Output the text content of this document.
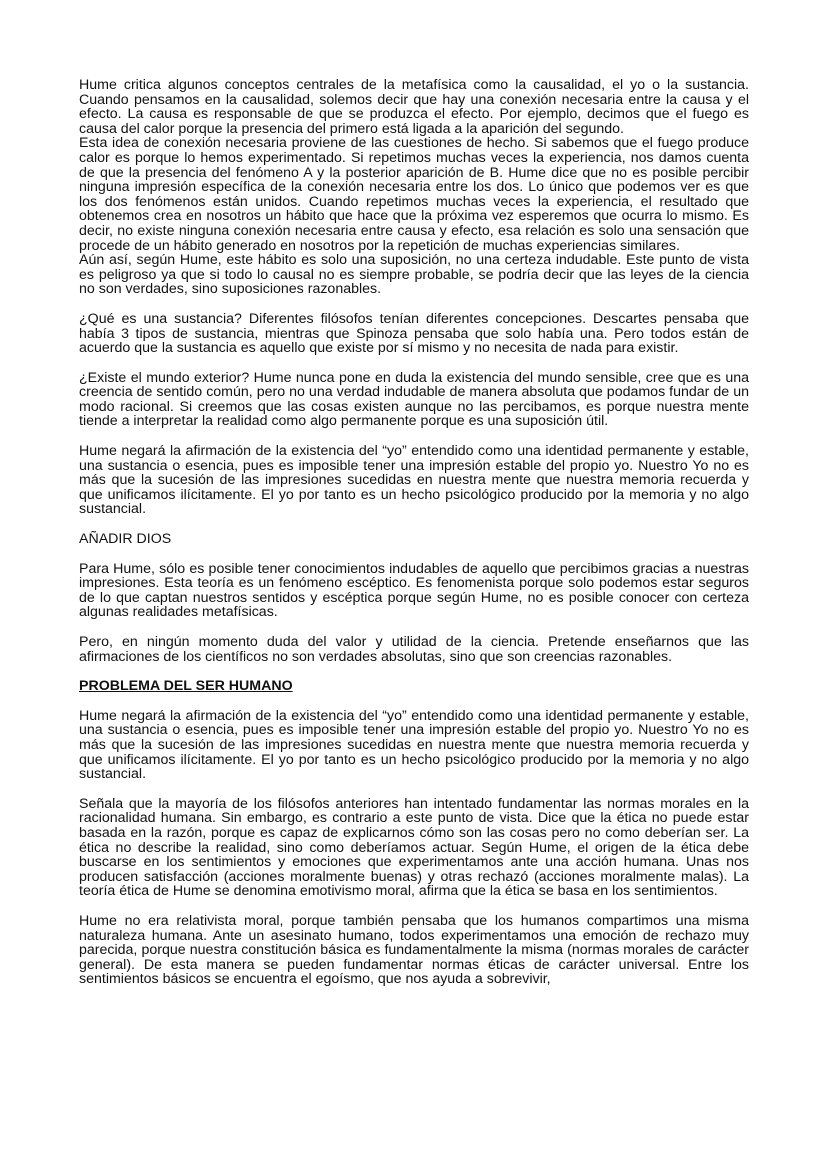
Hume critica algunos conceptos centrales de la metafísica como la causalidad, el yo o la sustancia. Cuando pensamos en la causalidad, solemos decir que hay una conexión necesaria entre la causa y el efecto. La causa es responsable de que se produzca el efecto. Por ejemplo, decimos que el fuego es causa del calor porque la presencia del primero está ligada a la aparición del segundo.

Esta idea de conexión necesaria proviene de las cuestiones de hecho. Si sabemos que el fuego produce calor es porque lo hemos experimentado. Si repetimos muchas veces la experiencia, nos damos cuenta de que la presencia del fenómeno A y la posterior aparición de B. Hume dice que no es posible percibir ninguna impresión específica de la conexión necesaria entre los dos. Lo único que podemos ver es que los dos fenómenos están unidos. Cuando repetimos muchas veces la experiencia, el resultado que obtenemos crea en nosotros un hábito que hace que la próxima vez esperemos que ocurra lo mismo. Es decir, no existe ninguna conexión necesaria entre causa y efecto, esa relación es solo una sensación que procede de un hábito generado en nosotros por la repetición de muchas experiencias similares.

Aún así, según Hume, este hábito es solo una suposición, no una certeza indudable. Este punto de vista es peligroso ya que si todo lo causal no es siempre probable, se podría decir que las leyes de la ciencia no son verdades, sino suposiciones razonables.

¿Qué es una sustancia? Diferentes filósofos tenían diferentes concepciones. Descartes pensaba que había 3 tipos de sustancia, mientras que Spinoza pensaba que solo había una. Pero todos están de acuerdo que la sustancia es aquello que existe por sí mismo y no necesita de nada para existir.

¿Existe el mundo exterior? Hume nunca pone en duda la existencia del mundo sensible, cree que es una creencia de sentido común, pero no una verdad indudable de manera absoluta que podamos fundar de un modo racional. Si creemos que las cosas existen aunque no las percibamos, es porque nuestra mente tiende a interpretar la realidad como algo permanente porque es una suposición útil.

Hume negará la afirmación de la existencia del “yo” entendido como una identidad permanente y estable, una sustancia o esencia, pues es imposible tener una impresión estable del propio yo. Nuestro Yo no es más que la sucesión de las impresiones sucedidas en nuestra mente que nuestra memoria recuerda y que unificamos ilícitamente. El yo por tanto es un hecho psicológico producido por la memoria y no algo sustancial.

AÑADIR DIOS

Para Hume, sólo es posible tener conocimientos indudables de aquello que percibimos gracias a nuestras impresiones. Esta teoría es un fenómeno escéptico. Es fenomenista porque solo podemos estar seguros de lo que captan nuestros sentidos y escéptica porque según Hume, no es posible conocer con certeza algunas realidades metafísicas.

Pero, en ningún momento duda del valor y utilidad de la ciencia. Pretende enseñarnos que las afirmaciones de los científicos no son verdades absolutas, sino que son creencias razonables.

PROBLEMA DEL SER HUMANO

Hume negará la afirmación de la existencia del “yo” entendido como una identidad permanente y estable, una sustancia o esencia, pues es imposible tener una impresión estable del propio yo. Nuestro Yo no es más que la sucesión de las impresiones sucedidas en nuestra mente que nuestra memoria recuerda y que unificamos ilícitamente. El yo por tanto es un hecho psicológico producido por la memoria y no algo sustancial.

Señala que la mayoría de los filósofos anteriores han intentado fundamentar las normas morales en la racionalidad humana. Sin embargo, es contrario a este punto de vista. Dice que la ética no puede estar basada en la razón, porque es capaz de explicarnos cómo son las cosas pero no como deberían ser. La ética no describe la realidad, sino como deberíamos actuar. Según Hume, el origen de la ética debe buscarse en los sentimientos y emociones que experimentamos ante una acción humana. Unas nos producen satisfacción (acciones moralmente buenas) y otras rechazó (acciones moralmente malas). La teoría ética de Hume se denomina emotivismo moral, afirma que la ética se basa en los sentimientos.

Hume no era relativista moral, porque también pensaba que los humanos compartimos una misma naturaleza humana. Ante un asesinato humano, todos experimentamos una emoción de rechazo muy parecida, porque nuestra constitución básica es fundamentalmente la misma (normas morales de carácter general). De esta manera se pueden fundamentar normas éticas de carácter universal. Entre los sentimientos básicos se encuentra el egoísmo, que nos ayuda a sobrevivir,
